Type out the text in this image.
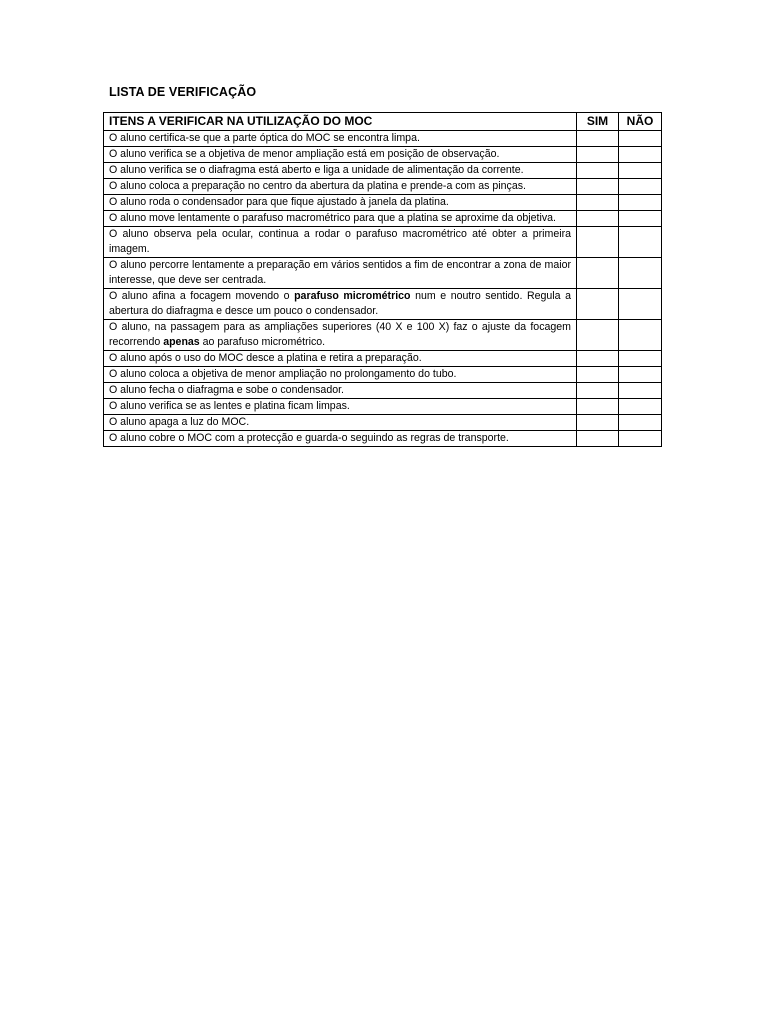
LISTA DE VERIFICAÇÃO
ITENS A VERIFICAR NA UTILIZAÇÃO DO MOC	SIM	NÃO
O aluno certifica-se que a parte óptica do MOC se encontra limpa.		
O aluno verifica se a objetiva de menor ampliação está em posição de observação.		
O aluno verifica se o diafragma está aberto e liga a unidade de alimentação da corrente.		
O aluno coloca a preparação no centro da abertura da platina e prende-a com as pinças.		
O aluno roda o condensador para que fique ajustado à janela da platina.		
O aluno move lentamente o parafuso macrométrico para que a platina se aproxime da objetiva.		
O aluno observa pela ocular, continua a rodar o parafuso macrométrico até obter a primeira imagem.		
O aluno percorre lentamente a preparação em vários sentidos a fim de encontrar a zona de maior interesse, que deve ser centrada.		
O aluno afina a focagem movendo o parafuso micrométrico num e noutro sentido. Regula a abertura do diafragma e desce um pouco o condensador.		
O aluno, na passagem para as ampliações superiores (40 X e 100 X) faz o ajuste da focagem recorrendo apenas ao parafuso micrométrico.		
O aluno após o uso do MOC desce a platina e retira a preparação.		
O aluno coloca a objetiva de menor ampliação no prolongamento do tubo.		
O aluno fecha o diafragma e sobe o condensador.		
O aluno verifica se as lentes e platina ficam limpas.		
O aluno apaga a luz do MOC.		
O aluno cobre o MOC com a protecção e guarda-o seguindo as regras de transporte.		
